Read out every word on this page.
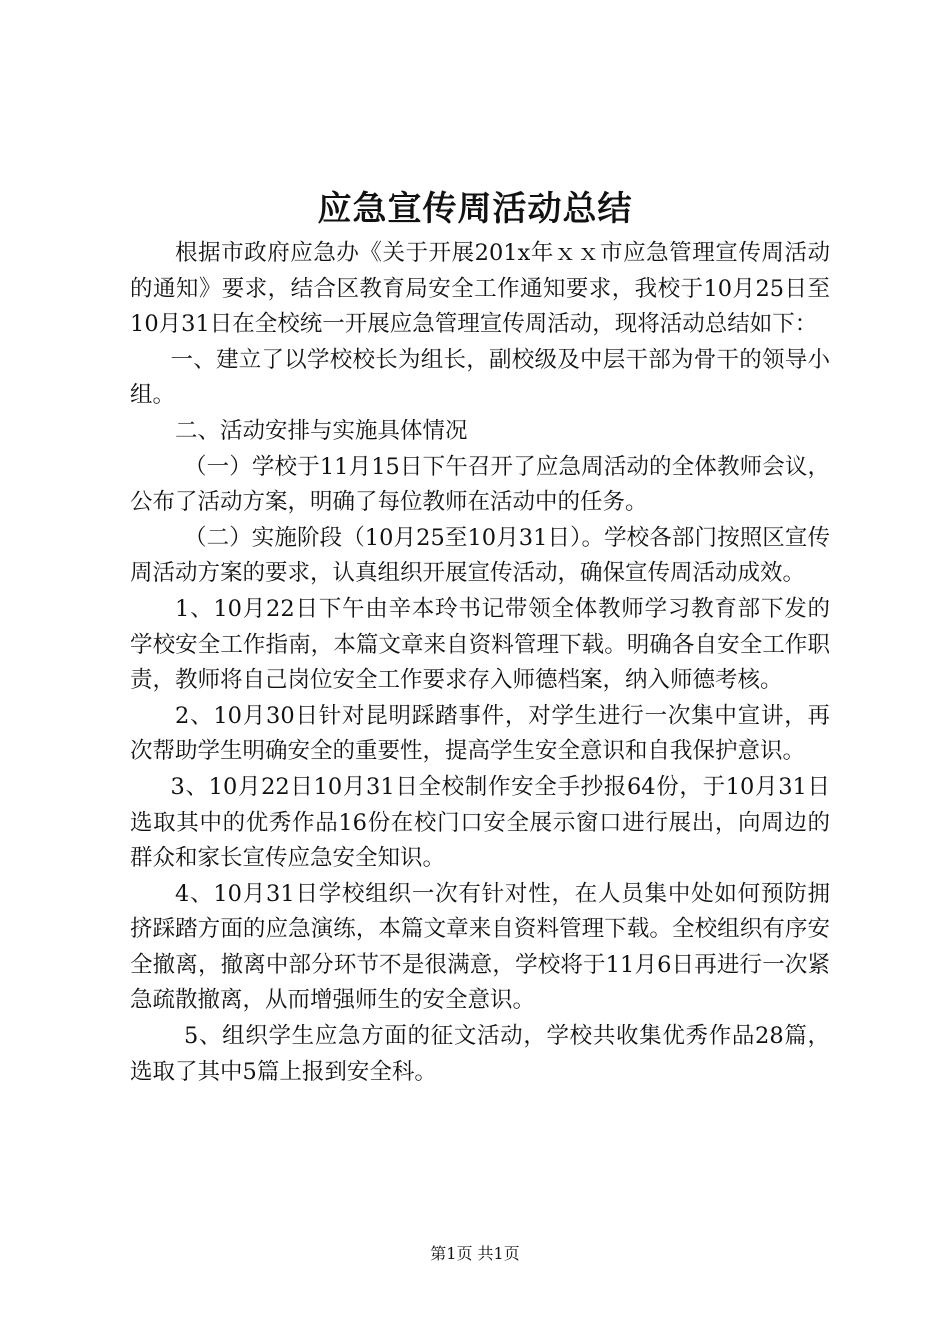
应急宣传周活动总结

根据市政府应急办《关于开展201x年ｘｘ市应急管理宣传周活动的通知》要求，结合区教育局安全工作通知要求，我校于10月25日至10月31日在全校统一开展应急管理宣传周活动，现将活动总结如下：

一、建立了以学校校长为组长，副校级及中层干部为骨干的领导小组。

二、活动安排与实施具体情况

（一）学校于11月15日下午召开了应急周活动的全体教师会议，公布了活动方案，明确了每位教师在活动中的任务。

（二）实施阶段（10月25至10月31日）。学校各部门按照区宣传周活动方案的要求，认真组织开展宣传活动，确保宣传周活动成效。

1、10月22日下午由辛本玲书记带领全体教师学习教育部下发的学校安全工作指南，本篇文章来自资料管理下载。明确各自安全工作职责，教师将自己岗位安全工作要求存入师德档案，纳入师德考核。

2、10月30日针对昆明踩踏事件，对学生进行一次集中宣讲，再次帮助学生明确安全的重要性，提高学生安全意识和自我保护意识。

3、10月22日10月31日全校制作安全手抄报64份，于10月31日选取其中的优秀作品16份在校门口安全展示窗口进行展出，向周边的群众和家长宣传应急安全知识。

4、10月31日学校组织一次有针对性，在人员集中处如何预防拥挤踩踏方面的应急演练，本篇文章来自资料管理下载。全校组织有序安全撤离，撤离中部分环节不是很满意，学校将于11月6日再进行一次紧急疏散撤离，从而增强师生的安全意识。

5、组织学生应急方面的征文活动，学校共收集优秀作品28篇，选取了其中5篇上报到安全科。

第1页 共1页
